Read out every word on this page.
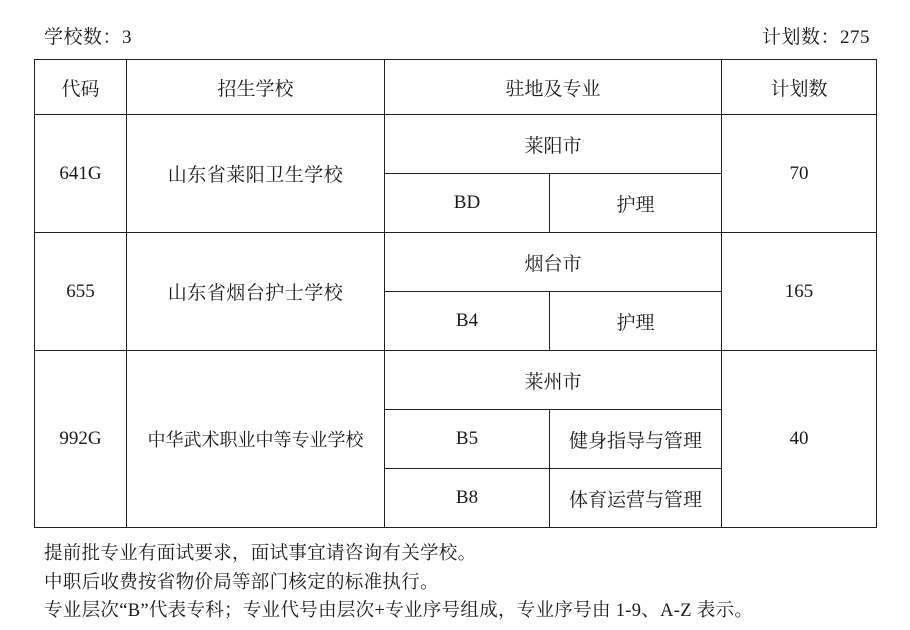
学校数：3	计划数：275
代码	招生学校	驻地及专业		计划数
641G	山东省莱阳卫生学校	莱阳市		70
		BD	护理	
655	山东省烟台护士学校	烟台市		165
		B4	护理	
992G	中华武术职业中等专业学校	莱州市		40
		B5	健身指导与管理	
		B8	体育运营与管理	
提前批专业有面试要求，面试事宜请咨询有关学校。
中职后收费按省物价局等部门核定的标准执行。
专业层次“B”代表专科；专业代号由层次+专业序号组成，专业序号由 1-9、A-Z 表示。
